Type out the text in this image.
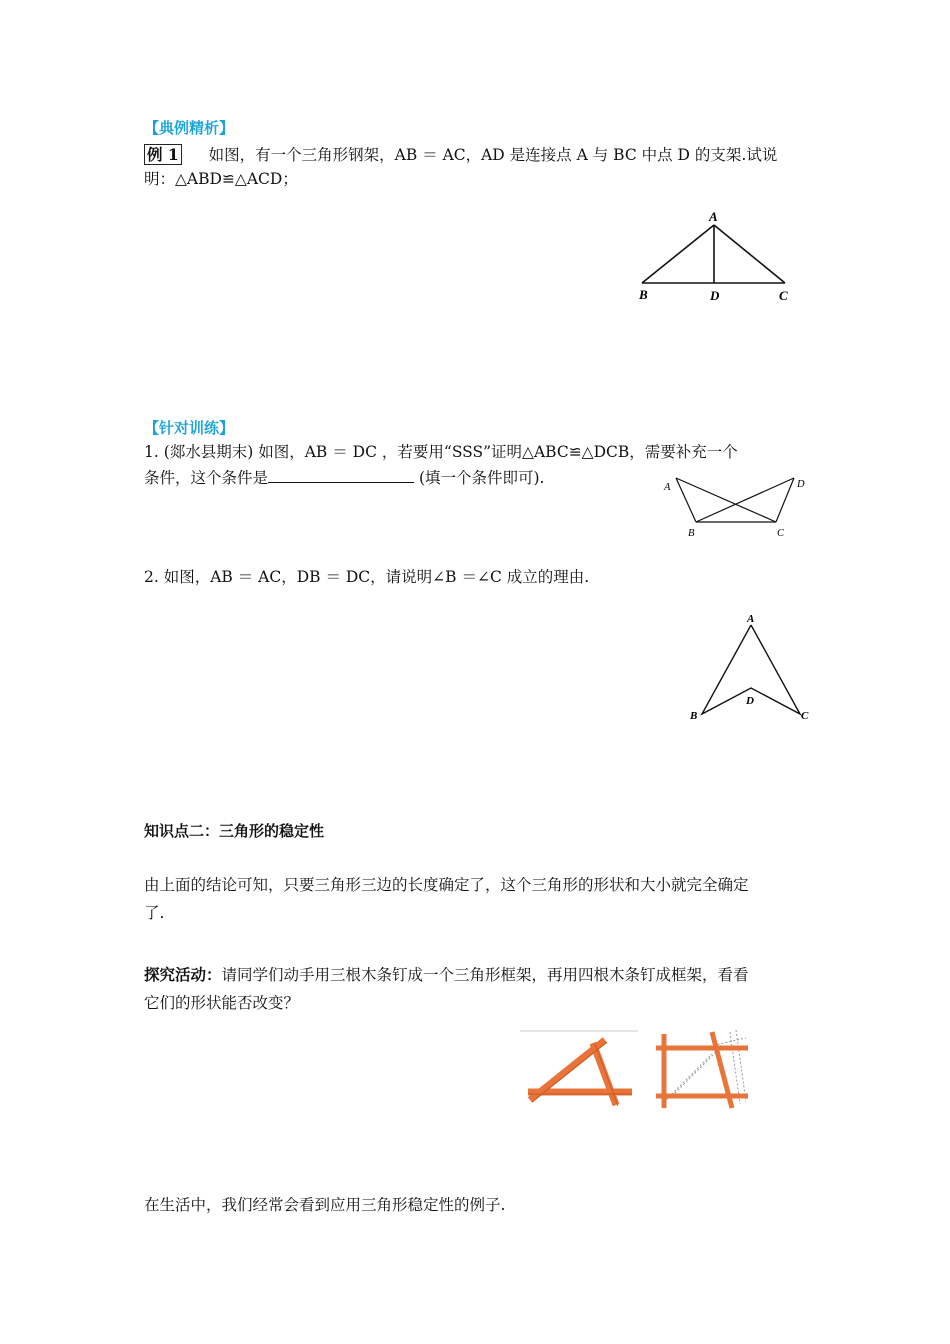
【典例精析】
例 1 如图，有一个三角形钢架，AB ＝ AC，AD 是连接点 A 与 BC 中点 D 的支架.试说
明：△ABD≌△ACD；
A
B	D	C
【针对训练】
1. (郯水县期末) 如图，AB ＝ DC ，若要用“SSS”证明△ABC≌△DCB，需要补充一个
条件，这个条件是	(填一个条件即可).
A
B	C
D
2. 如图，AB ＝ AC，DB ＝ DC，请说明∠B ＝∠C 成立的理由.
A
B
D
C
知识点二：三角形的稳定性
由上面的结论可知，只要三角形三边的长度确定了，这个三角形的形状和大小就完全确定
了.
探究活动：请同学们动手用三根木条钉成一个三角形框架，再用四根木条钉成框架，看看
它们的形状能否改变？
在生活中，我们经常会看到应用三角形稳定性的例子.
